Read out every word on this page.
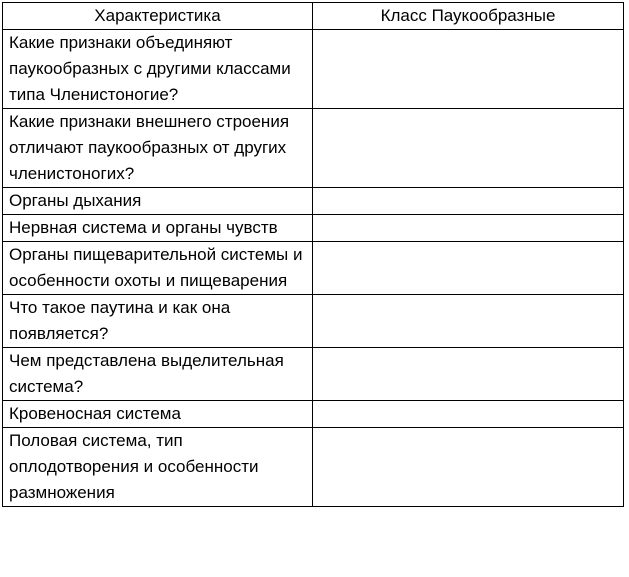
Характеристика	Класс Паукообразные
Какие признаки объединяют паукообразных с другими классами типа Членистоногие?	
Какие признаки внешнего строения отличают паукообразных от других членистоногих?	
Органы дыхания	
Нервная система и органы чувств	
Органы пищеварительной системы и особенности охоты и пищеварения	
Что такое паутина и как она появляется?	
Чем представлена выделительная система?	
Кровеносная система	
Половая система, тип оплодотворения и особенности размножения	
